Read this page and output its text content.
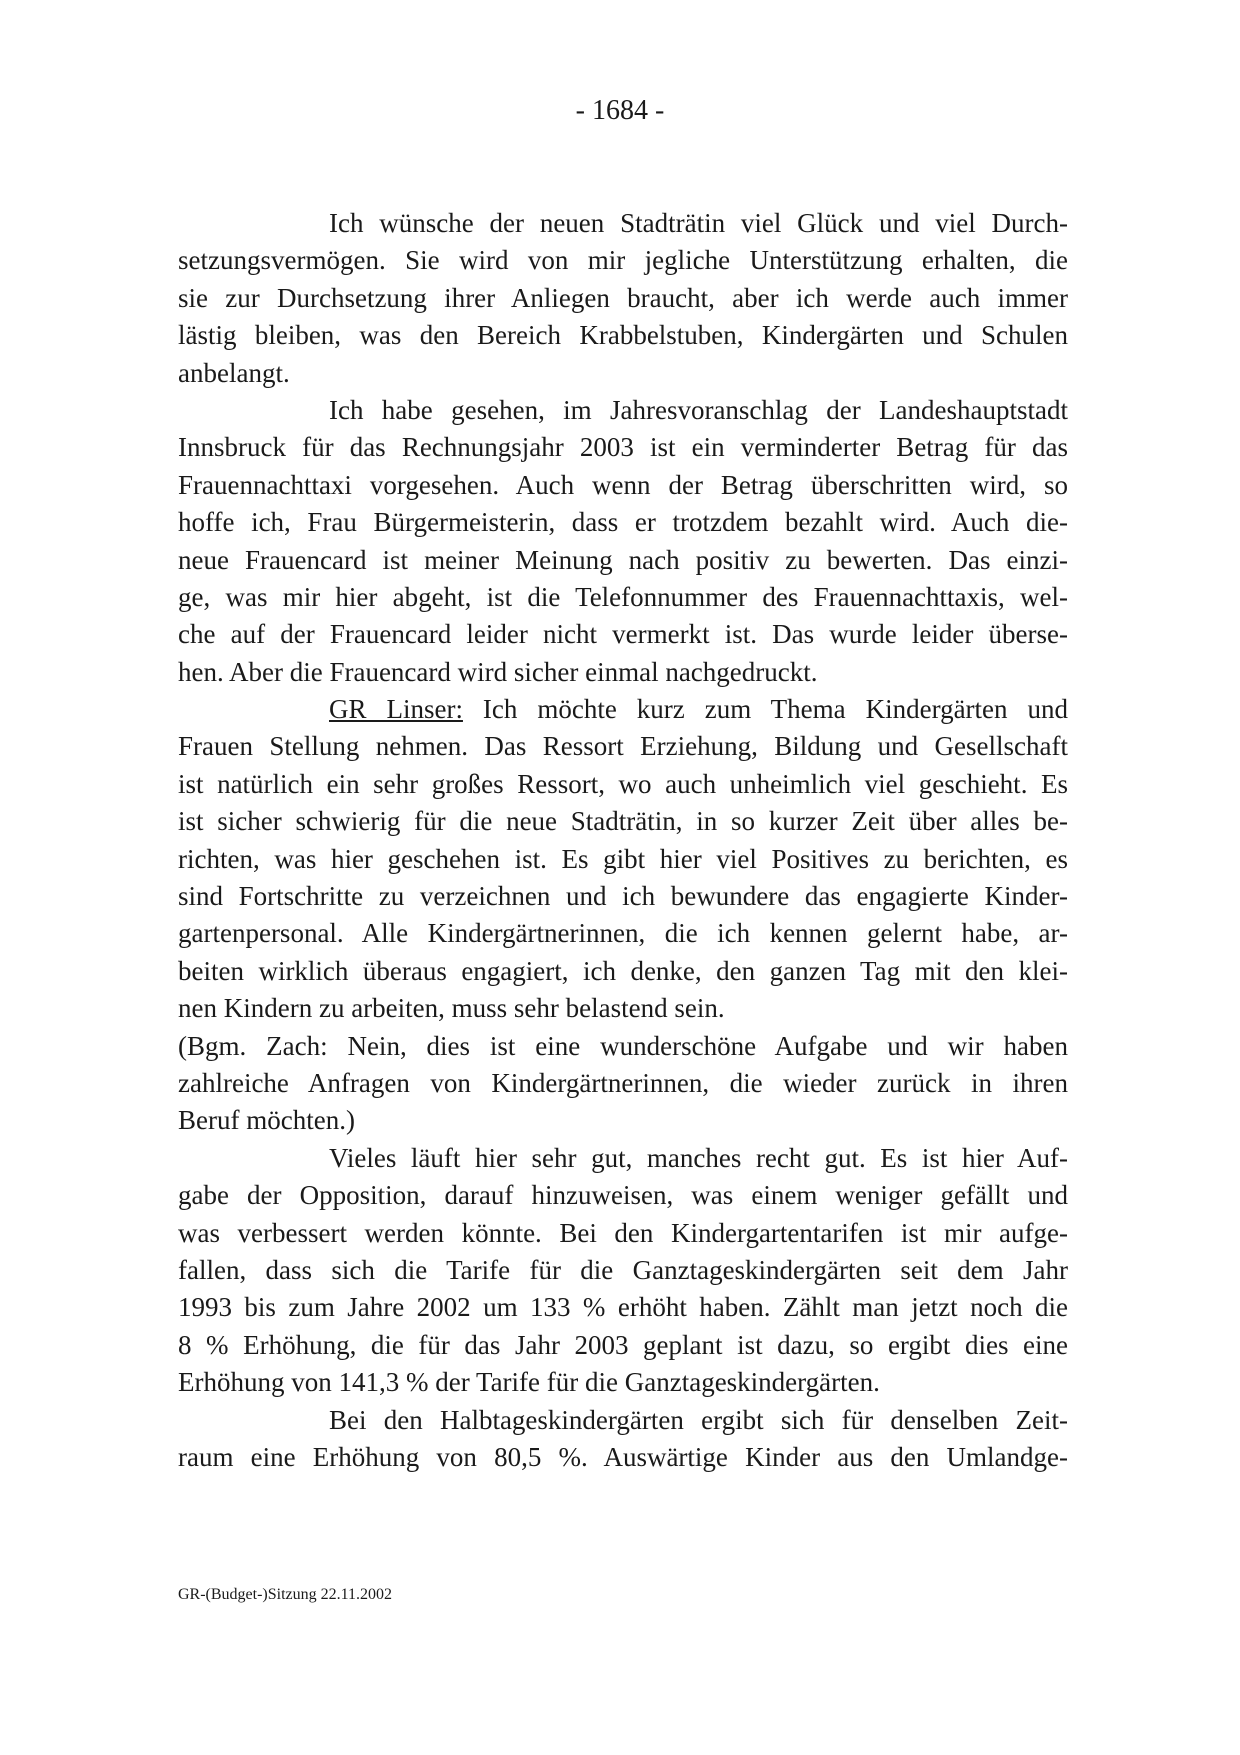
- 1684 -
Ich wünsche der neuen Stadträtin viel Glück und viel Durch-
setzungsvermögen. Sie wird von mir jegliche Unterstützung erhalten, die
sie zur Durchsetzung ihrer Anliegen braucht, aber ich werde auch immer
lästig bleiben, was den Bereich Krabbelstuben, Kindergärten und Schulen
anbelangt.
Ich habe gesehen, im Jahresvoranschlag der Landeshauptstadt
Innsbruck für das Rechnungsjahr 2003 ist ein verminderter Betrag für das
Frauennachttaxi vorgesehen. Auch wenn der Betrag überschritten wird, so
hoffe ich, Frau Bürgermeisterin, dass er trotzdem bezahlt wird. Auch die-
neue Frauencard ist meiner Meinung nach positiv zu bewerten. Das einzi-
ge, was mir hier abgeht, ist die Telefonnummer des Frauennachttaxis, wel-
che auf der Frauencard leider nicht vermerkt ist. Das wurde leider überse-
hen. Aber die Frauencard wird sicher einmal nachgedruckt.
GR Linser: Ich möchte kurz zum Thema Kindergärten und
Frauen Stellung nehmen. Das Ressort Erziehung, Bildung und Gesellschaft
ist natürlich ein sehr großes Ressort, wo auch unheimlich viel geschieht. Es
ist sicher schwierig für die neue Stadträtin, in so kurzer Zeit über alles be-
richten, was hier geschehen ist. Es gibt hier viel Positives zu berichten, es
sind Fortschritte zu verzeichnen und ich bewundere das engagierte Kinder-
gartenpersonal. Alle Kindergärtnerinnen, die ich kennen gelernt habe, ar-
beiten wirklich überaus engagiert, ich denke, den ganzen Tag mit den klei-
nen Kindern zu arbeiten, muss sehr belastend sein.
(Bgm. Zach: Nein, dies ist eine wunderschöne Aufgabe und wir haben
zahlreiche Anfragen von Kindergärtnerinnen, die wieder zurück in ihren
Beruf möchten.)
Vieles läuft hier sehr gut, manches recht gut. Es ist hier Auf-
gabe der Opposition, darauf hinzuweisen, was einem weniger gefällt und
was verbessert werden könnte. Bei den Kindergartentarifen ist mir aufge-
fallen, dass sich die Tarife für die Ganztageskindergärten seit dem Jahr
1993 bis zum Jahre 2002 um 133 % erhöht haben. Zählt man jetzt noch die
8 % Erhöhung, die für das Jahr 2003 geplant ist dazu, so ergibt dies eine
Erhöhung von 141,3 % der Tarife für die Ganztageskindergärten.
Bei den Halbtageskindergärten ergibt sich für denselben Zeit-
raum eine Erhöhung von 80,5 %. Auswärtige Kinder aus den Umlandge-
GR-(Budget-)Sitzung 22.11.2002
